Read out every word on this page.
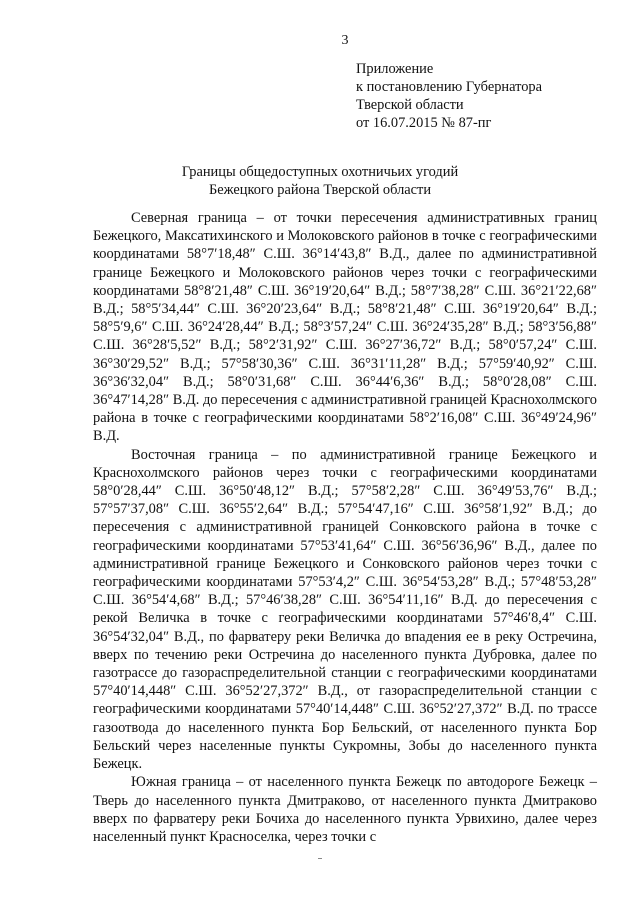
3
Приложение
к постановлению Губернатора
Тверской области
от 16.07.2015 № 87-пг
Границы общедоступных охотничьих угодий
Бежецкого района Тверской области

Северная граница – от точки пересечения административных границ Бежецкого, Максатихинского и Молоковского районов в точке с географическими координатами 58°7′18,48″ С.Ш. 36°14′43,8″ В.Д., далее по административной границе Бежецкого и Молоковского районов через точки с географическими координатами 58°8′21,48″ С.Ш. 36°19′20,64″ В.Д.; 58°7′38,28″ С.Ш. 36°21′22,68″ В.Д.; 58°5′34,44″ С.Ш. 36°20′23,64″ В.Д.; 58°8′21,48″ С.Ш. 36°19′20,64″ В.Д.; 58°5′9,6″ С.Ш. 36°24′28,44″ В.Д.; 58°3′57,24″ С.Ш. 36°24′35,28″ В.Д.; 58°3′56,88″ С.Ш. 36°28′5,52″ В.Д.; 58°2′31,92″ С.Ш. 36°27′36,72″ В.Д.; 58°0′57,24″ С.Ш. 36°30′29,52″ В.Д.; 57°58′30,36″ С.Ш. 36°31′11,28″ В.Д.; 57°59′40,92″ С.Ш. 36°36′32,04″ В.Д.; 58°0′31,68″ С.Ш. 36°44′6,36″ В.Д.; 58°0′28,08″ С.Ш. 36°47′14,28″ В.Д. до пересечения с административной границей Краснохолмского района в точке с географическими координатами 58°2′16,08″ С.Ш. 36°49′24,96″ В.Д.

Восточная граница – по административной границе Бежецкого и Краснохолмского районов через точки с географическими координатами 58°0′28,44″ С.Ш. 36°50′48,12″ В.Д.; 57°58′2,28″ С.Ш. 36°49′53,76″ В.Д.; 57°57′37,08″ С.Ш. 36°55′2,64″ В.Д.; 57°54′47,16″ С.Ш. 36°58′1,92″ В.Д.; до пересечения с административной границей Сонковского района в точке с географическими координатами 57°53′41,64″ С.Ш. 36°56′36,96″ В.Д., далее по административной границе Бежецкого и Сонковского районов через точки с географическими координатами 57°53′4,2″ С.Ш. 36°54′53,28″ В.Д.; 57°48′53,28″ С.Ш. 36°54′4,68″ В.Д.; 57°46′38,28″ С.Ш. 36°54′11,16″ В.Д. до пересечения с рекой Величка в точке с географическими координатами 57°46′8,4″ С.Ш. 36°54′32,04″ В.Д., по фарватеру реки Величка до впадения ее в реку Остречина, вверх по течению реки Остречина до населенного пункта Дубровка, далее по газотрассе до газораспределительной станции с географическими координатами 57°40′14,448″ С.Ш. 36°52′27,372″ В.Д., от газораспределительной станции с географическими координатами 57°40′14,448″ С.Ш. 36°52′27,372″ В.Д. по трассе газоотвода до населенного пункта Бор Бельский, от населенного пункта Бор Бельский через населенные пункты Сукромны, Зобы до населенного пункта Бежецк.

Южная граница – от населенного пункта Бежецк по автодороге Бежецк – Тверь до населенного пункта Дмитраково, от населенного пункта Дмитраково вверх по фарватеру реки Бочиха до населенного пункта Урвихино, далее через населенный пункт Красноселка, через точки с
